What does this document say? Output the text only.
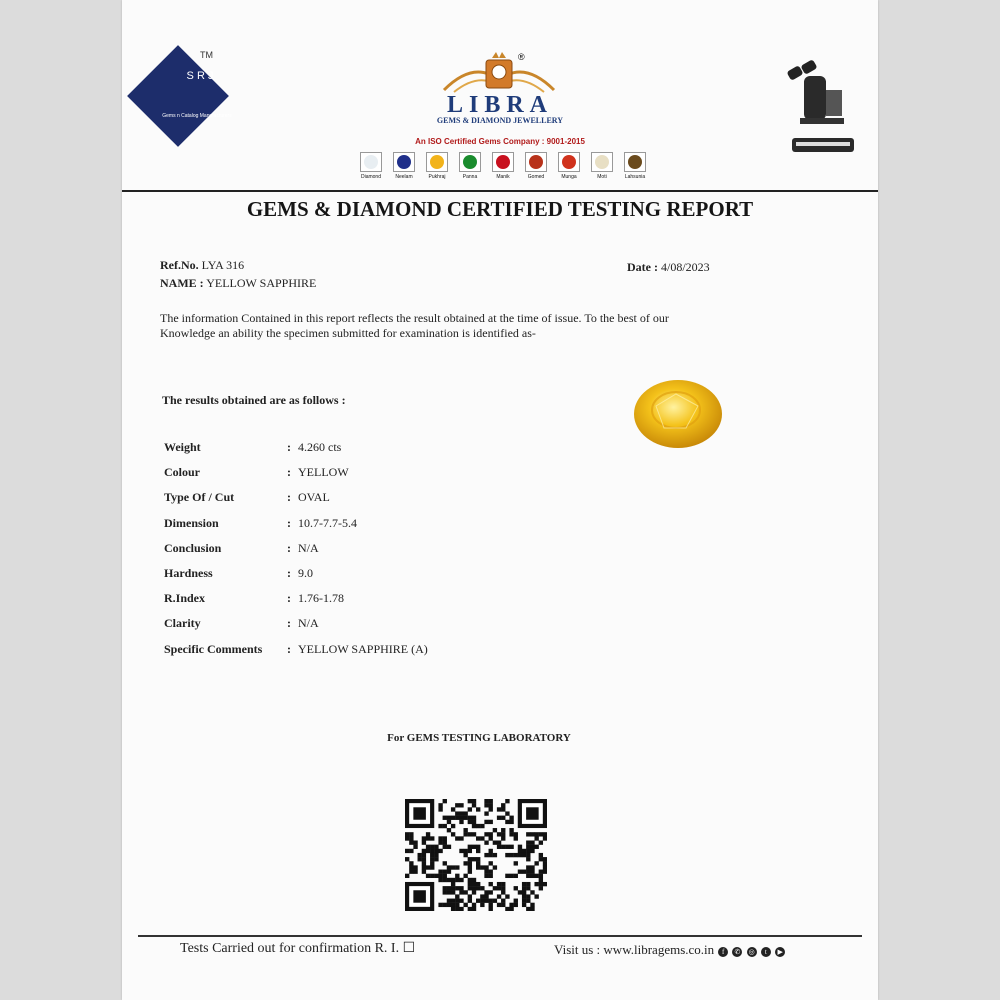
S R J
Gems n Catalog Manufacturers
TM	®
LIBRA
GEMS & DIAMOND JEWELLERY
An ISO Certified Gems Company : 9001-2015
Diamond	Neelam	Pukhraj	Panna	Manik	Gomed	Munga	Moti	Lahsunia
GEMS & DIAMOND CERTIFIED TESTING REPORT
Ref.No. LYA 316
NAME : YELLOW SAPPHIRE
Date : 4/08/2023
The information Contained in this report reflects the result obtained at the time of issue. To the best of our
Knowledge an ability the specimen submitted for examination is identified as-
The results obtained are as follows :
Weight	: 4.260 cts
Colour	: YELLOW
Type Of / Cut	: OVAL
Dimension	: 10.7-7.7-5.4
Conclusion	: N/A
Hardness	: 9.0
R.Index	: 1.76-1.78
Clarity	: N/A
Specific Comments : YELLOW SAPPHIRE (A)
For GEMS TESTING LABORATORY
Tests Carried out for confirmation R. I. ☐	Visit us : www.libragems.co.in	f ✆ ◎ t ▶
